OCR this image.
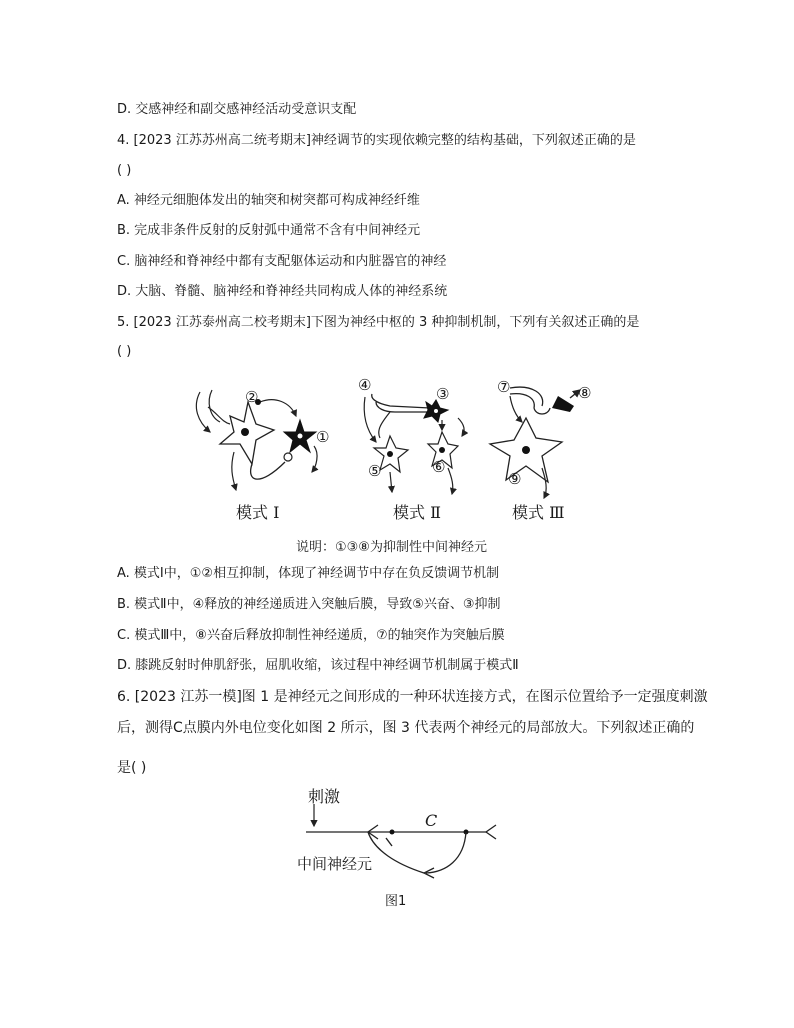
D. 交感神经和副交感神经活动受意识支配
4. [2023 江苏苏州高二统考期末]神经调节的实现依赖完整的结构基础，下列叙述正确的是
( )
A. 神经元细胞体发出的轴突和树突都可构成神经纤维
B. 完成非条件反射的反射弧中通常不含有中间神经元
C. 脑神经和脊神经中都有支配躯体运动和内脏器官的神经
D. 大脑、脊髓、脑神经和脊神经共同构成人体的神经系统
5. [2023 江苏泰州高二校考期末]下图为神经中枢的 3 种抑制机制，下列有关叙述正确的是
( )
②
①
④	③
⑤	⑥
⑦	⑧
⑨
模式 Ⅰ	模式 Ⅱ	模式 Ⅲ
说明：①③⑧为抑制性中间神经元
A. 模式Ⅰ中，①②相互抑制，体现了神经调节中存在负反馈调节机制
B. 模式Ⅱ中，④释放的神经递质进入突触后膜，导致⑤兴奋、③抑制
C. 模式Ⅲ中，⑧兴奋后释放抑制性神经递质，⑦的轴突作为突触后膜
D. 膝跳反射时伸肌舒张，屈肌收缩，该过程中神经调节机制属于模式Ⅱ
6. [2023 江苏一模]图 1 是神经元之间形成的一种环状连接方式，在图示位置给予一定强度刺激
后，测得C点膜内外电位变化如图 2 所示，图 3 代表两个神经元的局部放大。下列叙述正确的
是( )
刺激
C
中间神经元
图1
